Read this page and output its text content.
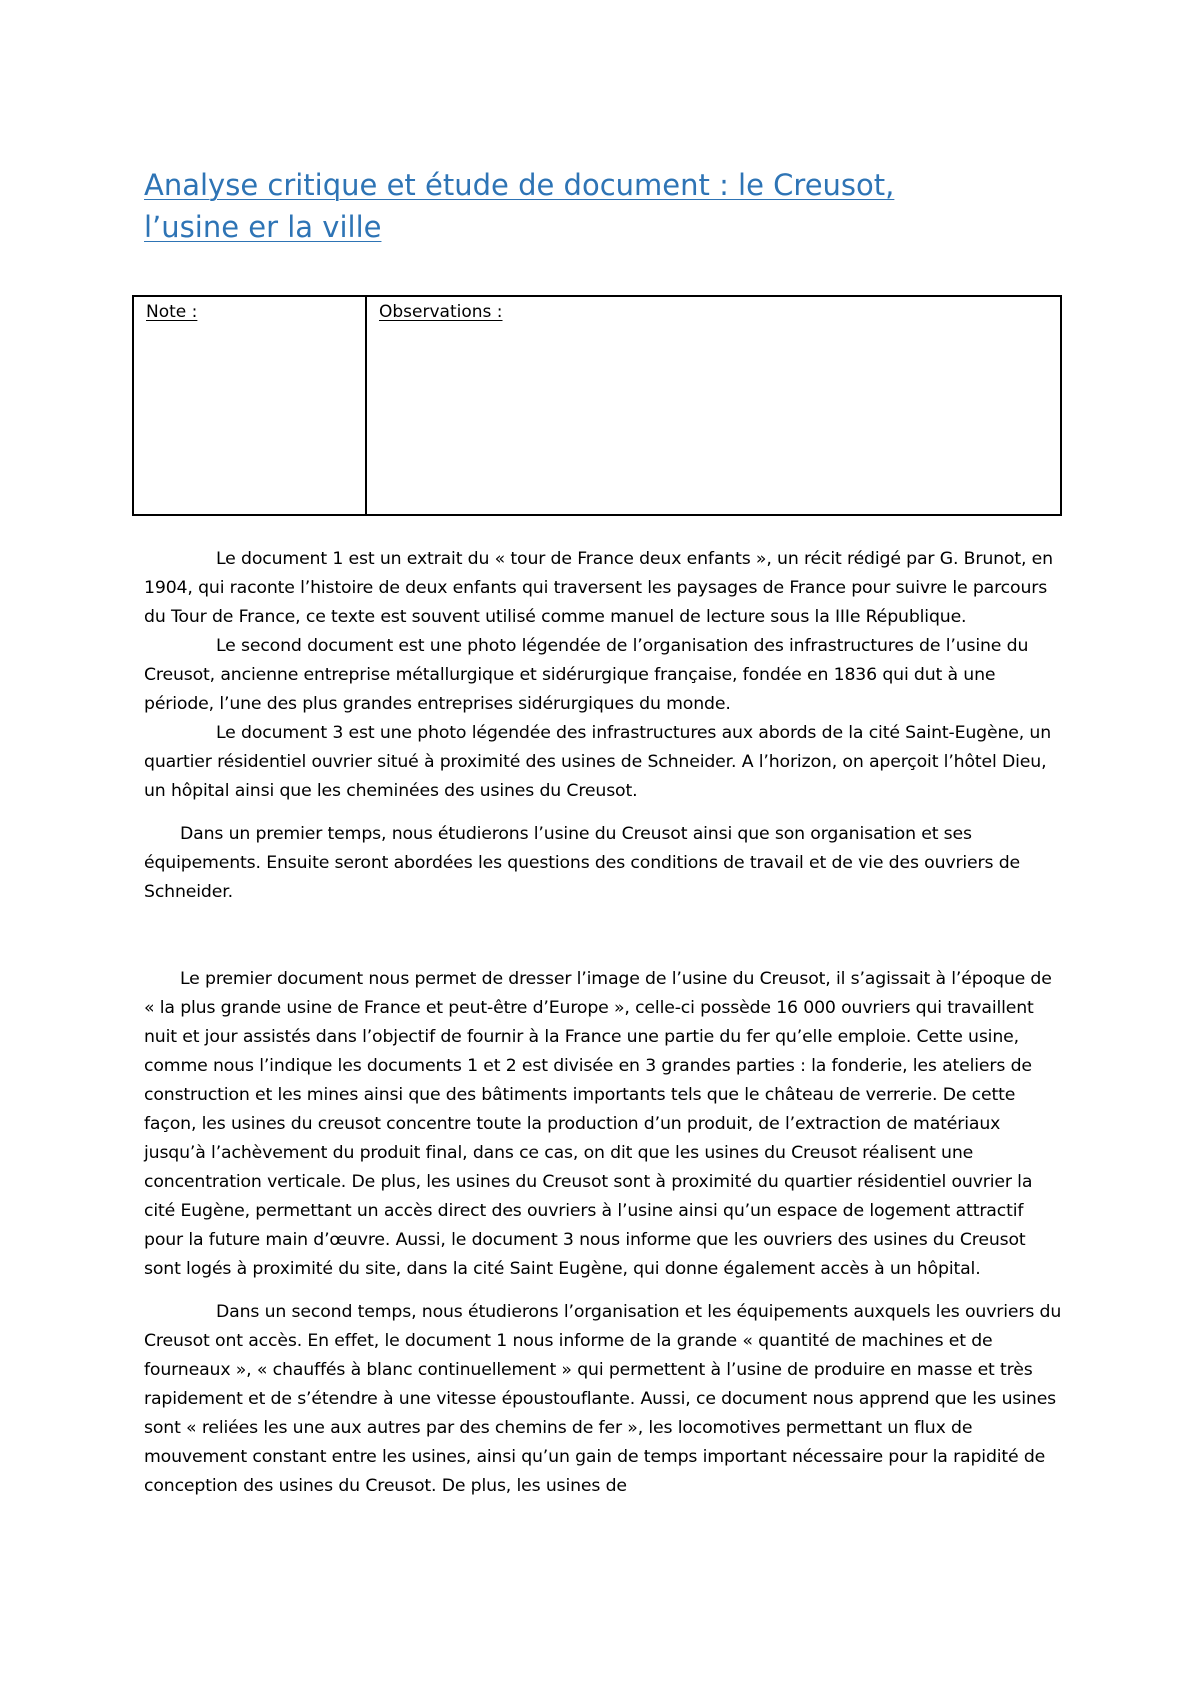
Analyse critique et étude de document : le Creusot,
l’usine er la ville
Note :	Observations :

Le document 1 est un extrait du « tour de France deux enfants », un récit rédigé par G. Brunot, en 1904, qui raconte l’histoire de deux enfants qui traversent les paysages de France pour suivre le parcours du Tour de France, ce texte est souvent utilisé comme manuel de lecture sous la IIIe République.

Le second document est une photo légendée de l’organisation des infrastructures de l’usine du Creusot, ancienne entreprise métallurgique et sidérurgique française, fondée en 1836 qui dut à une période, l’une des plus grandes entreprises sidérurgiques du monde.

Le document 3 est une photo légendée des infrastructures aux abords de la cité Saint-Eugène, un quartier résidentiel ouvrier situé à proximité des usines de Schneider. A l’horizon, on aperçoit l’hôtel Dieu, un hôpital ainsi que les cheminées des usines du Creusot.

Dans un premier temps, nous étudierons l’usine du Creusot ainsi que son organisation et ses équipements. Ensuite seront abordées les questions des conditions de travail et de vie des ouvriers de Schneider.

Le premier document nous permet de dresser l’image de l’usine du Creusot, il s’agissait à l’époque de « la plus grande usine de France et peut-être d’Europe », celle-ci possède 16 000 ouvriers qui travaillent nuit et jour assistés dans l’objectif de fournir à la France une partie du fer qu’elle emploie. Cette usine, comme nous l’indique les documents 1 et 2 est divisée en 3 grandes parties : la fonderie, les ateliers de construction et les mines ainsi que des bâtiments importants tels que le château de verrerie. De cette façon, les usines du creusot concentre toute la production d’un produit, de l’extraction de matériaux jusqu’à l’achèvement du produit final, dans ce cas, on dit que les usines du Creusot réalisent une concentration verticale. De plus, les usines du Creusot sont à proximité du quartier résidentiel ouvrier la cité Eugène, permettant un accès direct des ouvriers à l’usine ainsi qu’un espace de logement attractif pour la future main d’œuvre. Aussi, le document 3 nous informe que les ouvriers des usines du Creusot sont logés à proximité du site, dans la cité Saint Eugène, qui donne également accès à un hôpital.

Dans un second temps, nous étudierons l’organisation et les équipements auxquels les ouvriers du Creusot ont accès. En effet, le document 1 nous informe de la grande « quantité de machines et de fourneaux », « chauffés à blanc continuellement » qui permettent à l’usine de produire en masse et très rapidement et de s’étendre à une vitesse époustouflante. Aussi, ce document nous apprend que les usines sont « reliées les une aux autres par des chemins de fer », les locomotives permettant un flux de mouvement constant entre les usines, ainsi qu’un gain de temps important nécessaire pour la rapidité de conception des usines du Creusot. De plus, les usines de
